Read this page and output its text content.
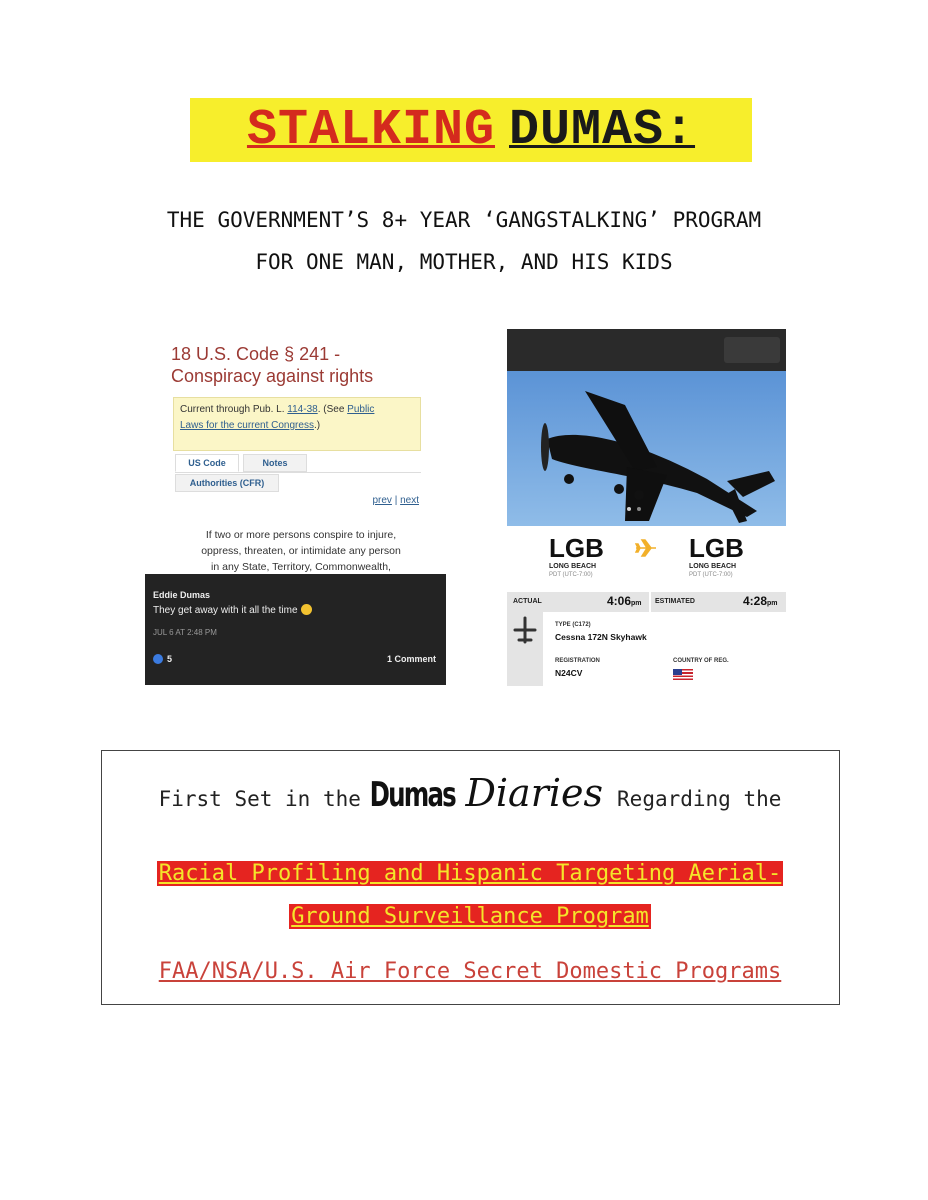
STALKING DUMAS:
THE GOVERNMENT’S 8+ YEAR ‘GANGSTALKING’ PROGRAM
FOR ONE MAN, MOTHER, AND HIS KIDS
18 U.S. Code § 241 -
Conspiracy against rights
Current through Pub. L. 114-38. (See Public
Laws for the current Congress.)
US Code	Notes
Authorities (CFR)
prev | next
If two or more persons conspire to injure,
oppress, threaten, or intimidate any person
in any State, Territory, Commonwealth,
Eddie Dumas
They get away with it all the time
JUL 6 AT 2:48 PM
5	1 Comment
LGB
LONG BEACH
PDT (UTC-7:00)
LGB
LONG BEACH
PDT (UTC-7:00)
ACTUAL	4:06pm ESTIMATED	4:28pm
TYPE (C172)
Cessna 172N Skyhawk
REGISTRATION
N24CV
COUNTRY OF REG.
First Set in the Dumas Diaries Regarding the
Racial Profiling and Hispanic Targeting Aerial-
Ground Surveillance Program
FAA/NSA/U.S. Air Force Secret Domestic Programs
